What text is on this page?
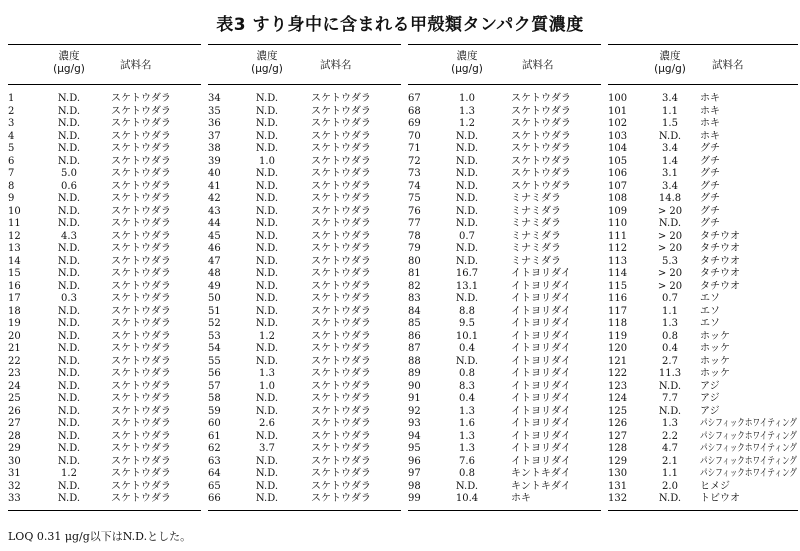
表3 すり身中に含まれる甲殻類タンパク質濃度
濃度
(μg/g)	試料名
1	N.D.	スケトウダラ
2	N.D.	スケトウダラ
3	N.D.	スケトウダラ
4	N.D.	スケトウダラ
5	N.D.	スケトウダラ
6	N.D.	スケトウダラ
7	5.0	スケトウダラ
8	0.6	スケトウダラ
9	N.D.	スケトウダラ
10	N.D.	スケトウダラ
11	N.D.	スケトウダラ
12	4.3	スケトウダラ
13	N.D.	スケトウダラ
14	N.D.	スケトウダラ
15	N.D.	スケトウダラ
16	N.D.	スケトウダラ
17	0.3	スケトウダラ
18	N.D.	スケトウダラ
19	N.D.	スケトウダラ
20	N.D.	スケトウダラ
21	N.D.	スケトウダラ
22	N.D.	スケトウダラ
23	N.D.	スケトウダラ
24	N.D.	スケトウダラ
25	N.D.	スケトウダラ
26	N.D.	スケトウダラ
27	N.D.	スケトウダラ
28	N.D.	スケトウダラ
29	N.D.	スケトウダラ
30	N.D.	スケトウダラ
31	1.2	スケトウダラ
32	N.D.	スケトウダラ
33	N.D.	スケトウダラ
濃度
(μg/g)	試料名
34	N.D.	スケトウダラ
35	N.D.	スケトウダラ
36	N.D.	スケトウダラ
37	N.D.	スケトウダラ
38	N.D.	スケトウダラ
39	1.0	スケトウダラ
40	N.D.	スケトウダラ
41	N.D.	スケトウダラ
42	N.D.	スケトウダラ
43	N.D.	スケトウダラ
44	N.D.	スケトウダラ
45	N.D.	スケトウダラ
46	N.D.	スケトウダラ
47	N.D.	スケトウダラ
48	N.D.	スケトウダラ
49	N.D.	スケトウダラ
50	N.D.	スケトウダラ
51	N.D.	スケトウダラ
52	N.D.	スケトウダラ
53	1.2	スケトウダラ
54	N.D.	スケトウダラ
55	N.D.	スケトウダラ
56	1.3	スケトウダラ
57	1.0	スケトウダラ
58	N.D.	スケトウダラ
59	N.D.	スケトウダラ
60	2.6	スケトウダラ
61	N.D.	スケトウダラ
62	3.7	スケトウダラ
63	N.D.	スケトウダラ
64	N.D.	スケトウダラ
65	N.D.	スケトウダラ
66	N.D.	スケトウダラ
濃度
(μg/g)	試料名
67	1.0	スケトウダラ
68	1.3	スケトウダラ
69	1.2	スケトウダラ
70	N.D.	スケトウダラ
71	N.D.	スケトウダラ
72	N.D.	スケトウダラ
73	N.D.	スケトウダラ
74	N.D.	スケトウダラ
75	N.D.	ミナミダラ
76	N.D.	ミナミダラ
77	N.D.	ミナミダラ
78	0.7	ミナミダラ
79	N.D.	ミナミダラ
80	N.D.	ミナミダラ
81	16.7	イトヨリダイ
82	13.1	イトヨリダイ
83	N.D.	イトヨリダイ
84	8.8	イトヨリダイ
85	9.5	イトヨリダイ
86	10.1	イトヨリダイ
87	0.4	イトヨリダイ
88	N.D.	イトヨリダイ
89	0.8	イトヨリダイ
90	8.3	イトヨリダイ
91	0.4	イトヨリダイ
92	1.3	イトヨリダイ
93	1.6	イトヨリダイ
94	1.3	イトヨリダイ
95	1.3	イトヨリダイ
96	7.6	イトヨリダイ
97	0.8	キントキダイ
98	N.D.	キントキダイ
99	10.4	ホキ
濃度
(μg/g)	試料名
100	3.4	ホキ
101	1.1	ホキ
102	1.5	ホキ
103	N.D.	ホキ
104	3.4	グチ
105	1.4	グチ
106	3.1	グチ
107	3.4	グチ
108	14.8	グチ
109	> 20	グチ
110	N.D.	グチ
111	> 20	タチウオ
112	> 20	タチウオ
113	5.3	タチウオ
114	> 20	タチウオ
115	> 20	タチウオ
116	0.7	エソ
117	1.1	エソ
118	1.3	エソ
119	0.8	ホッケ
120	0.4	ホッケ
121	2.7	ホッケ
122	11.3	ホッケ
123	N.D.	アジ
124	7.7	アジ
125	N.D.	アジ
126	1.3	パシフィックホワイティング
127	2.2	パシフィックホワイティング
128	4.7	パシフィックホワイティング
129	2.1	パシフィックホワイティング
130	1.1	パシフィックホワイティング
131	2.0	ヒメジ
132	N.D.	トビウオ
LOQ 0.31 μg/g以下はN.D.とした。
